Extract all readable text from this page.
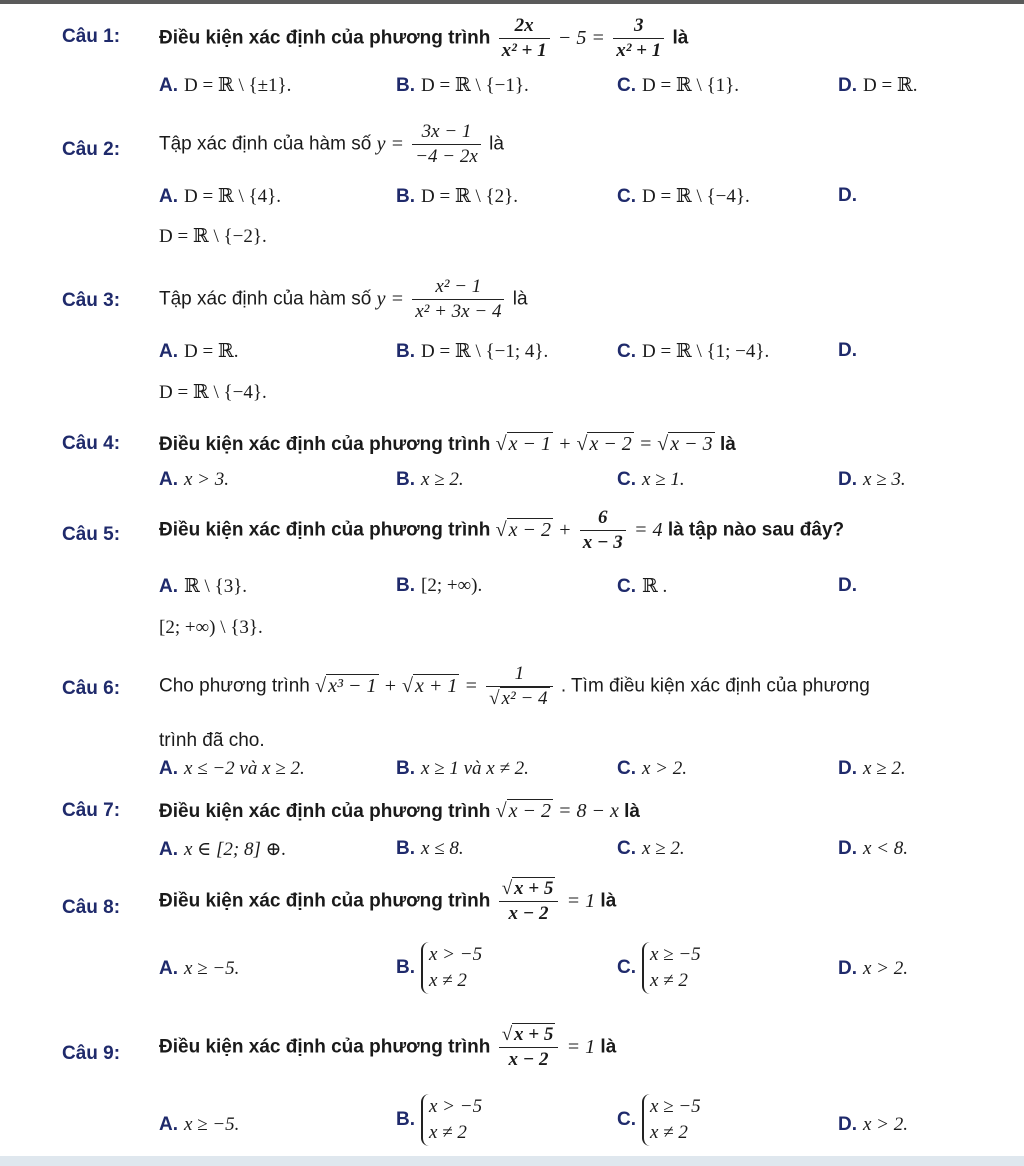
Câu 1: Điều kiện xác định của phương trình $\frac{2x}{\text{x² + 1}} - 5 = \frac{3}{\text{x² + 1}}$ là
A. D = ℝ \ {±1}.	B. D = ℝ \ {−1}.	C. D = ℝ \ {1}.	D. D = ℝ.
Câu 2: Tập xác định của hàm số $y = \frac{3x - 1}{-4 - 2x}$ là
A. D = ℝ \ {4}.	B. D = ℝ \ {2}.	C. D = ℝ \ {−4}.	D.
D = ℝ \ {−2}.
Câu 3: Tập xác định của hàm số $y = \frac{\text{x² − 1}}{\text{x² + 3x − 4}}$ là
A. D = ℝ.	B. D = ℝ \ {−1; 4}.	C. D = ℝ \ {1; −4}.	D.
D = ℝ \ {−4}.
Câu 4: Điều kiện xác định của phương trình √ x − 1 + √ x − 2 = √ x − 3 là
A. x > 3.	B. x ≥ 2.	C. x ≥ 1.	D. x ≥ 3.
Câu 5: Điều kiện xác định của phương trình √ $x - 2 + \frac{6}{x - 3} = 4$ là tập nào sau đây?
A. ℝ \ {3}.	B. [2; +∞).	C. ℝ .	D.
[2; +∞) \ {3}.
Câu 6: Cho phương trình √ x³ − 1 + √ $x + 1 = \frac{1}{\text{√ x² − 4}}$ . Tìm điều kiện xác định của phương
trình đã cho.
A. x ≤ −2 và x ≥ 2.	B. x ≥ 1 và x ≠ 2.	C. x > 2.	D. x ≥ 2.
Câu 7: Điều kiện xác định của phương trình √ x − 2 = 8 − x là
A. x ∈ [2; 8] ⊕.	B. x ≤ 8.	C. x ≥ 2.	D. x < 8.
Câu 8: Điều kiện xác định của phương trình $\frac{√ x + 5}{x - 2} = 1$ là
A. x ≥ −5.	B.
x > −5
x ≠ 2
C.
x ≥ −5
x ≠ 2
D. x > 2.
Câu 9: Điều kiện xác định của phương trình $\frac{√ x + 5}{x - 2} = 1$ là
A. x ≥ −5.	B.
x > −5
x ≠ 2
C.
x ≥ −5
x ≠ 2	D. x > 2.
